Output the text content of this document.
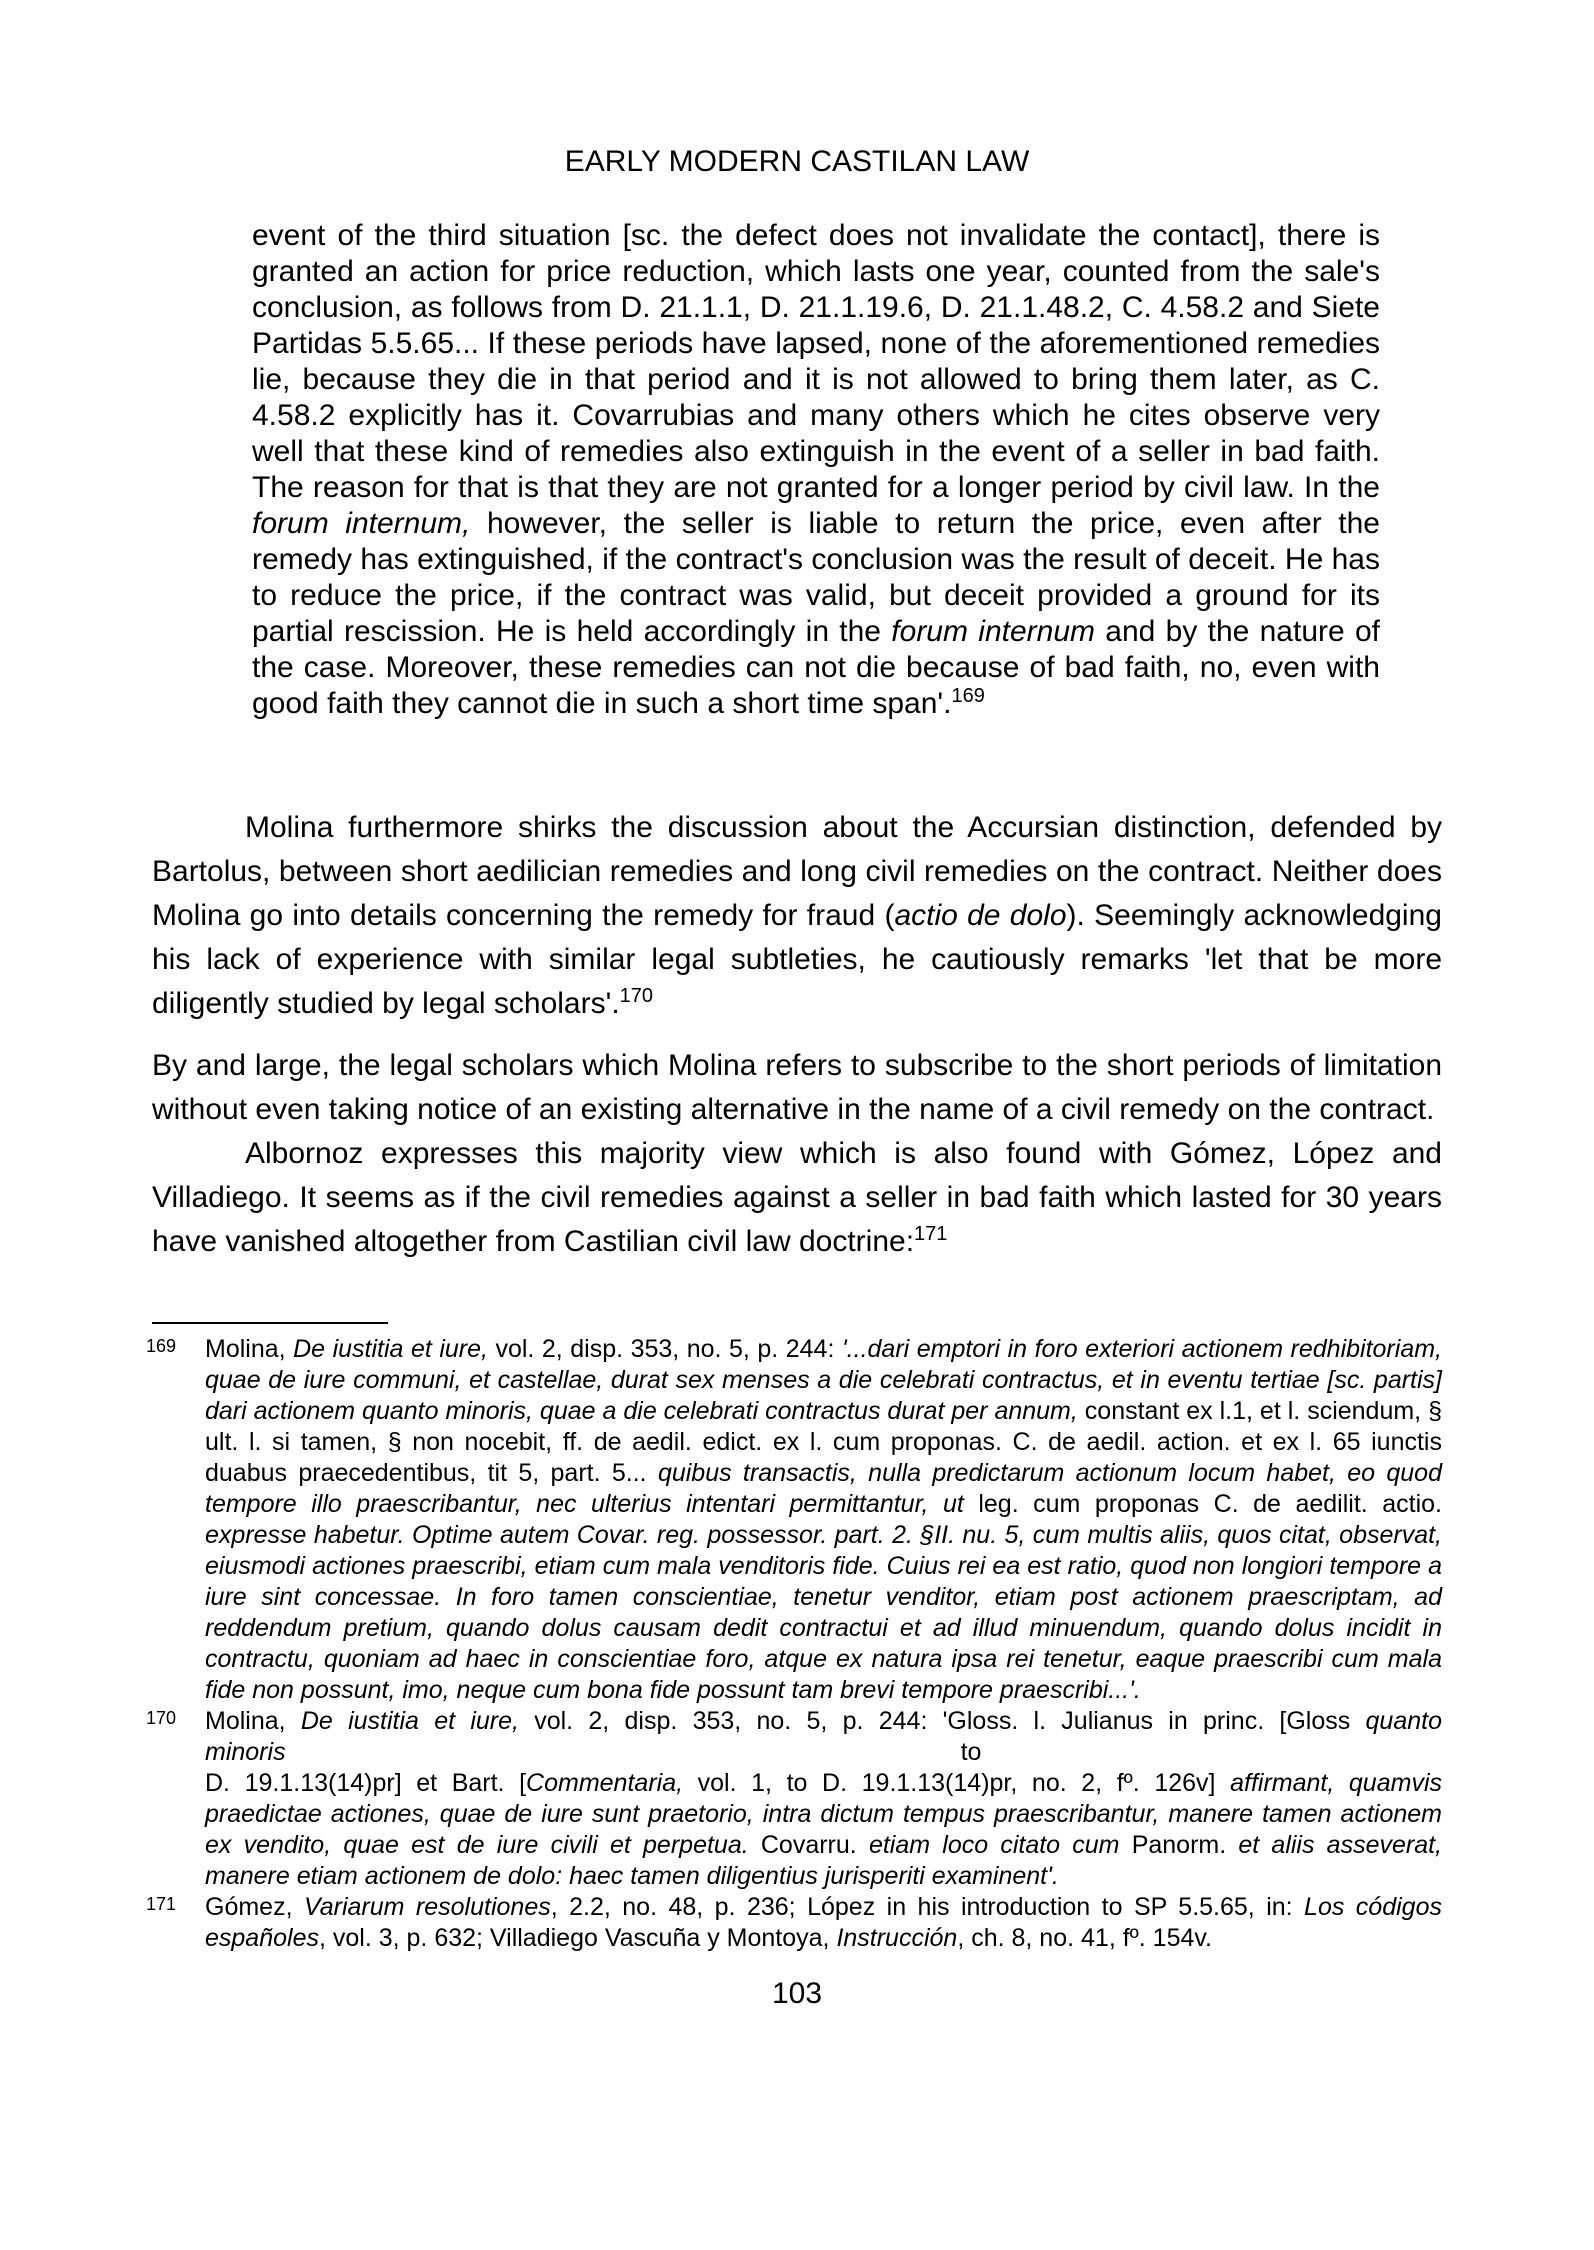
EARLY MODERN CASTILAN LAW
event of the third situation [sc. the defect does not invalidate the contact], there is granted an action for price reduction, which lasts one year, counted from the sale's conclusion, as follows from D. 21.1.1, D. 21.1.19.6, D. 21.1.48.2, C. 4.58.2 and Siete Partidas 5.5.65... If these periods have lapsed, none of the aforementioned remedies lie, because they die in that period and it is not allowed to bring them later, as C. 4.58.2 explicitly has it. Covarrubias and many others which he cites observe very well that these kind of remedies also extinguish in the event of a seller in bad faith. The reason for that is that they are not granted for a longer period by civil law. In the forum internum, however, the seller is liable to return the price, even after the remedy has extinguished, if the contract's conclusion was the result of deceit. He has to reduce the price, if the contract was valid, but deceit provided a ground for its partial rescission. He is held accordingly in the forum internum and by the nature of the case. Moreover, these remedies can not die because of bad faith, no, even with good faith they cannot die in such a short time span'.$^{169}$

Molina furthermore shirks the discussion about the Accursian distinction, defended by Bartolus, between short aedilician remedies and long civil remedies on the contract. Neither does Molina go into details concerning the remedy for fraud (actio de dolo). Seemingly acknowledging his lack of experience with similar legal subtleties, he cautiously remarks 'let that be more diligently studied by legal scholars'.$^{170}$

By and large, the legal scholars which Molina refers to subscribe to the short periods of limitation without even taking notice of an existing alternative in the name of a civil remedy on the contract.

Albornoz expresses this majority view which is also found with Gómez, López and Villadiego. It seems as if the civil remedies against a seller in bad faith which lasted for 30 years have vanished altogether from Castilian civil law doctrine:$^{171}$

169 Molina, De iustitia et iure, vol. 2, disp. 353, no. 5, p. 244: '...dari emptori in foro exteriori actionem redhibitoriam, quae de iure communi, et castellae, durat sex menses a die celebrati contractus, et in eventu tertiae [sc. partis] dari actionem quanto minoris, quae a die celebrati contractus durat per annum, constant ex l.1, et l. sciendum, § ult. l. si tamen, § non nocebit, ff. de aedil. edict. ex l. cum proponas. C. de aedil. action. et ex l. 65 iunctis duabus praecedentibus, tit 5, part. 5... quibus transactis, nulla predictarum actionum locum habet, eo quod tempore illo praescribantur, nec ulterius intentari permittantur, ut leg. cum proponas C. de aedilit. actio. expresse habetur. Optime autem Covar. reg. possessor. part. 2. §II. nu. 5, cum multis aliis, quos citat, observat, eiusmodi actiones praescribi, etiam cum mala venditoris fide. Cuius rei ea est ratio, quod non longiori tempore a iure sint concessae. In foro tamen conscientiae, tenetur venditor, etiam post actionem praescriptam, ad reddendum pretium, quando dolus causam dedit contractui et ad illud minuendum, quando dolus incidit in contractu, quoniam ad haec in conscientiae foro, atque ex natura ipsa rei tenetur, eaque praescribi cum mala fide non possunt, imo, neque cum bona fide possunt tam brevi tempore praescribi...'.
170 Molina, De iustitia et iure, vol. 2, disp. 353, no. 5, p. 244: 'Gloss. l. Julianus in princ. [Gloss quanto
minoris	to
D. 19.1.13(14)pr] et Bart. [Commentaria, vol. 1, to D. 19.1.13(14)pr, no. 2, fº. 126v] affirmant, quamvis praedictae actiones, quae de iure sunt praetorio, intra dictum tempus praescribantur, manere tamen actionem ex vendito, quae est de iure civili et perpetua. Covarru. etiam loco citato cum Panorm. et aliis asseverat, manere etiam actionem de dolo: haec tamen diligentius jurisperiti examinent'.
171 Gómez, Variarum resolutiones, 2.2, no. 48, p. 236; López in his introduction to SP 5.5.65, in: Los códigos españoles, vol. 3, p. 632; Villadiego Vascuña y Montoya, Instrucción, ch. 8, no. 41, fº. 154v.
103
